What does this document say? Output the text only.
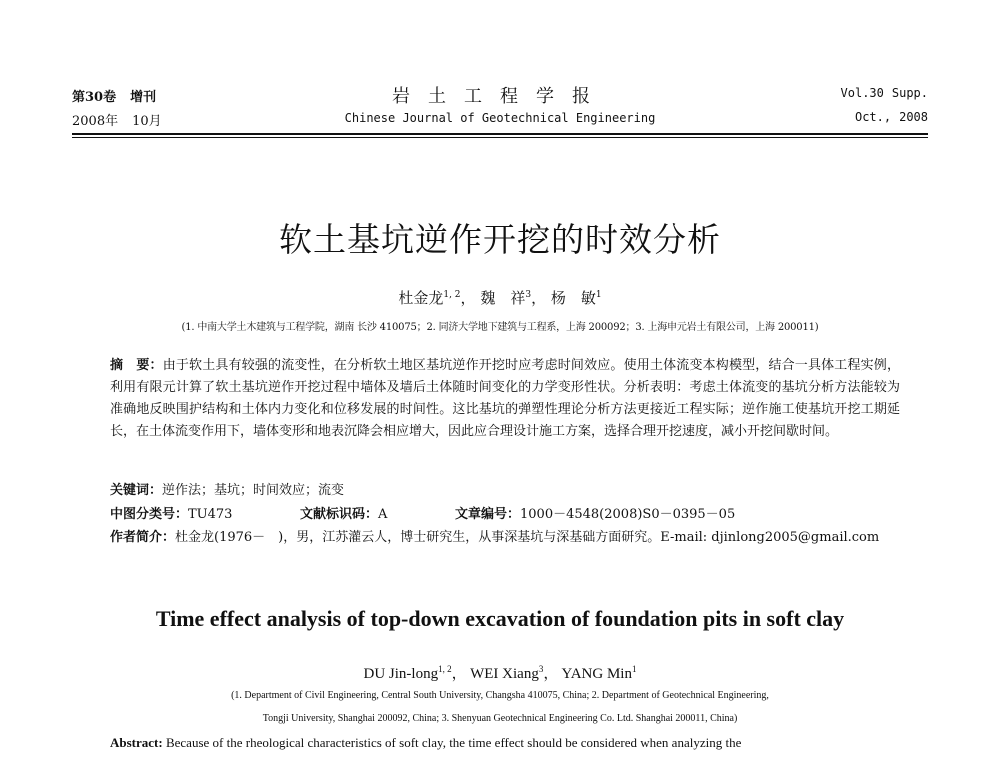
第30卷 增刊	岩土工程学报	Vol.30 Supp.
2008年 10月	Chinese Journal of Geotechnical Engineering	Oct., 2008
软土基坑逆作开挖的时效分析
杜金龙$^{1, 2}$， 魏　祥$^3$， 杨　敏$^1$
(1. 中南大学土木建筑与工程学院，湖南 长沙 410075；2. 同济大学地下建筑与工程系，上海 200092；3. 上海申元岩土有限公司，上海 200011)
摘　要：由于软土具有较强的流变性，在分析软土地区基坑逆作开挖时应考虑时间效应。使用土体流变本构模型，结合一具体工程实例，利用有限元计算了软土基坑逆作开挖过程中墙体及墙后土体随时间变化的力学变形性状。分析表明：考虑土体流变的基坑分析方法能较为准确地反映围护结构和土体内力变化和位移发展的时间性。这比基坑的弹塑性理论分析方法更接近工程实际；逆作施工使基坑开挖工期延长，在土体流变作用下，墙体变形和地表沉降会相应增大，因此应合理设计施工方案，选择合理开挖速度，减小开挖间歇时间。
关键词：逆作法；基坑；时间效应；流变
中图分类号：TU473	文献标识码：A	文章编号：1000－4548(2008)S0－0395－05
作者简介：杜金龙(1976－　)，男，江苏灌云人，博士研究生，从事深基坑与深基础方面研究。E-mail: djinlong2005@gmail.com
Time effect analysis of top-down excavation of foundation pits in soft clay
DU Jin-long$^{1, 2}$， WEI Xiang$^3$， YANG Min$^1$
(1. Department of Civil Engineering, Central South University, Changsha 410075, China; 2. Department of Geotechnical Engineering,
Tongji University, Shanghai 200092, China; 3. Shenyuan Geotechnical Engineering Co. Ltd. Shanghai 200011, China)
Abstract: Because of the rheological characteristics of soft clay, the time effect should be considered when analyzing the
